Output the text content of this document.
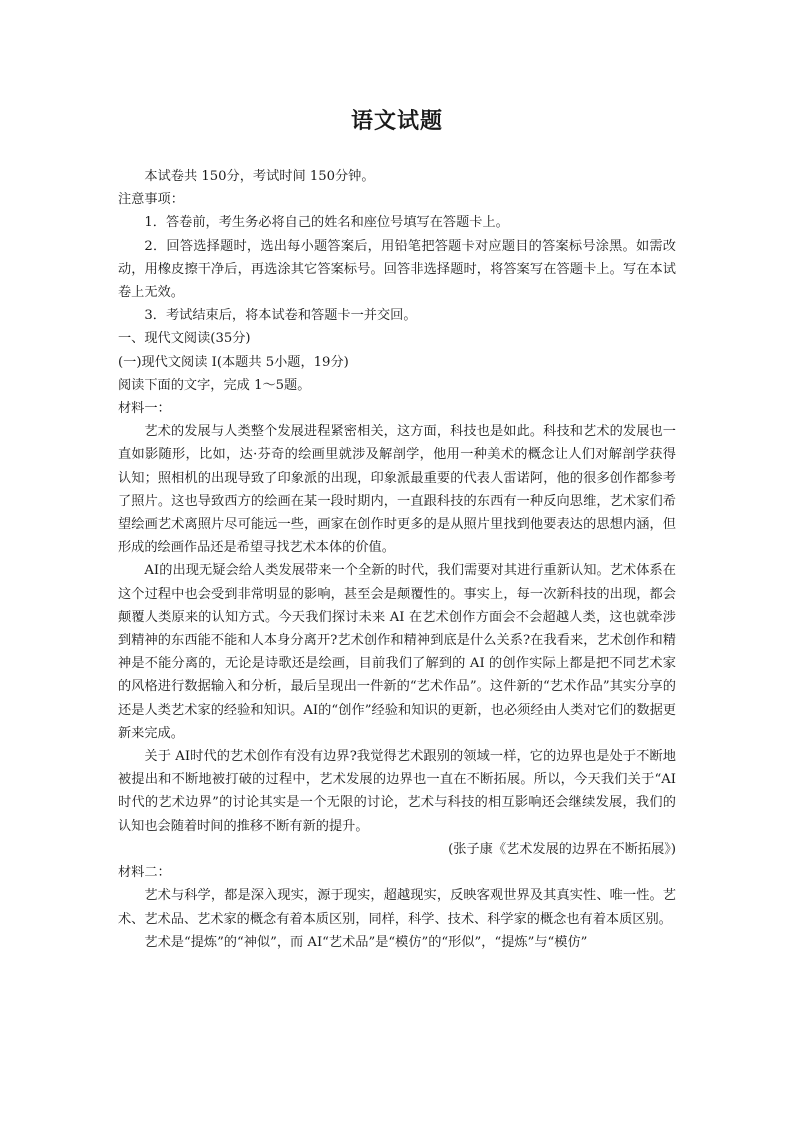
语文试题

本试卷共 150分，考试时间 150分钟。

注意事项：

1．答卷前，考生务必将自己的姓名和座位号填写在答题卡上。

2．回答选择题时，选出每小题答案后，用铅笔把答题卡对应题目的答案标号涂黑。如需改动，用橡皮擦干净后，再选涂其它答案标号。回答非选择题时，将答案写在答题卡上。写在本试卷上无效。

3．考试结束后，将本试卷和答题卡一并交回。

一、现代文阅读(35分)

(一)现代文阅读 I(本题共 5小题，19分)

阅读下面的文字，完成 1～5题。

材料一：

艺术的发展与人类整个发展进程紧密相关，这方面，科技也是如此。科技和艺术的发展也一直如影随形，比如，达·芬奇的绘画里就涉及解剖学，他用一种美术的概念让人们对解剖学获得认知；照相机的出现导致了印象派的出现，印象派最重要的代表人雷诺阿，他的很多创作都参考了照片。这也导致西方的绘画在某一段时期内，一直跟科技的东西有一种反向思维，艺术家们希望绘画艺术离照片尽可能远一些，画家在创作时更多的是从照片里找到他要表达的思想内涵，但形成的绘画作品还是希望寻找艺术本体的价值。

AI的出现无疑会给人类发展带来一个全新的时代，我们需要对其进行重新认知。艺术体系在这个过程中也会受到非常明显的影响，甚至会是颠覆性的。事实上，每一次新科技的出现，都会颠覆人类原来的认知方式。今天我们探讨未来 AI 在艺术创作方面会不会超越人类，这也就牵涉到精神的东西能不能和人本身分离开?艺术创作和精神到底是什么关系?在我看来，艺术创作和精神是不能分离的，无论是诗歌还是绘画，目前我们了解到的 AI 的创作实际上都是把不同艺术家的风格进行数据输入和分析，最后呈现出一件新的“艺术作品”。这件新的“艺术作品”其实分享的还是人类艺术家的经验和知识。AI的“创作”经验和知识的更新，也必须经由人类对它们的数据更新来完成。

关于 AI时代的艺术创作有没有边界?我觉得艺术跟别的领域一样，它的边界也是处于不断地被提出和不断地被打破的过程中，艺术发展的边界也一直在不断拓展。所以，今天我们关于“AI 时代的艺术边界”的讨论其实是一个无限的讨论，艺术与科技的相互影响还会继续发展，我们的认知也会随着时间的推移不断有新的提升。

(张子康《艺术发展的边界在不断拓展》)

材料二：

艺术与科学，都是深入现实，源于现实，超越现实，反映客观世界及其真实性、唯一性。艺术、艺术品、艺术家的概念有着本质区别，同样，科学、技术、科学家的概念也有着本质区别。

艺术是“提炼”的“神似”，而 AI“艺术品”是“模仿”的“形似”，“提炼”与“模仿”
